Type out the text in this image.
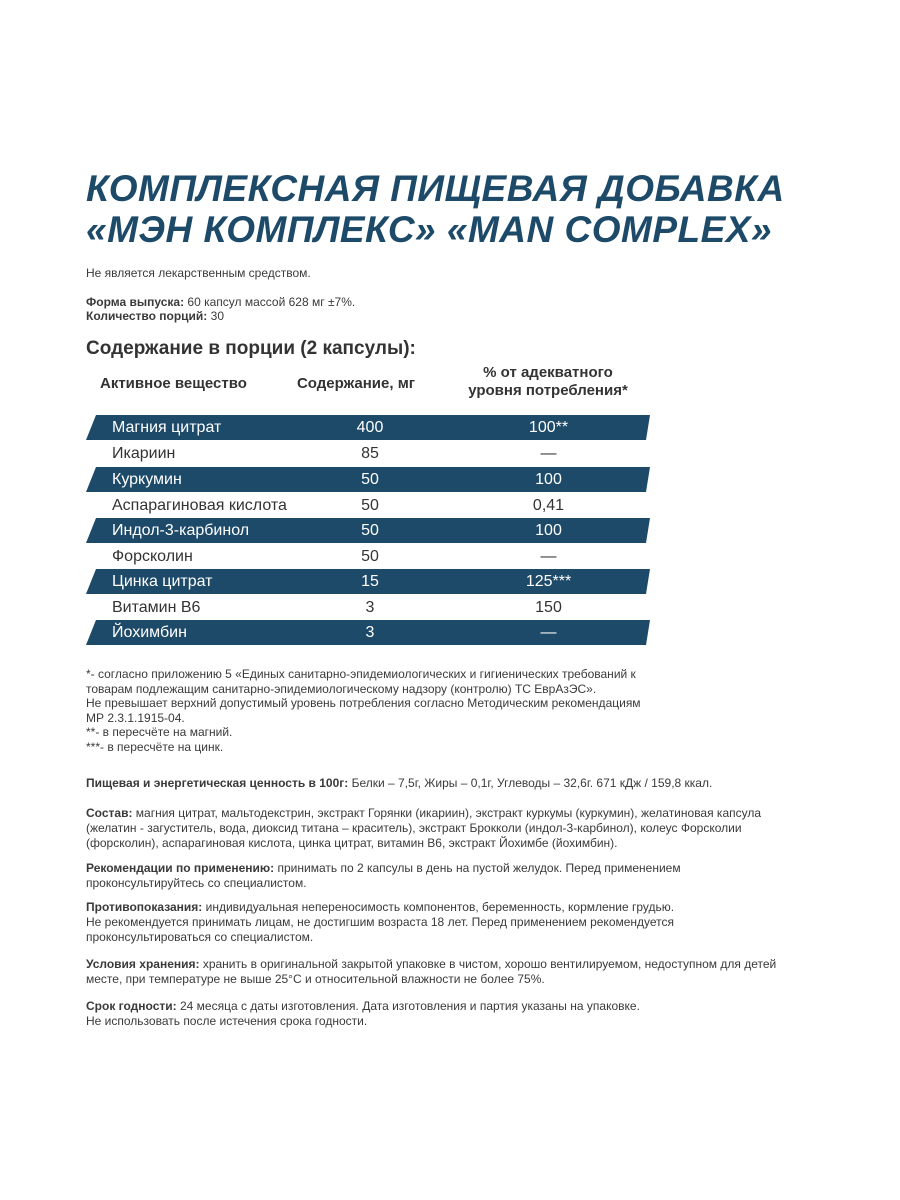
КОМПЛЕКСНАЯ ПИЩЕВАЯ ДОБАВКА
«МЭН КОМПЛЕКС» «MAN COMPLEX»
Не является лекарственным средством.
Форма выпуска: 60 капсул массой 628 мг ±7%.
Количество порций: 30
Содержание в порции (2 капсулы):
Активное вещество	Содержание, мг
% от адекватного
уровня потребления*
Магния цитрат	400	100**
Икариин	85	—
Куркумин	50	100
Аспарагиновая кислота	50	0,41
Индол-3-карбинол	50	100
Форсколин	50	—
Цинка цитрат	15	125***
Витамин В6	3	150
Йохимбин	3	—
*- согласно приложению 5 «Единых санитарно-эпидемиологических и гигиенических требований к
товарам подлежащим санитарно-эпидемиологическому надзору (контролю) ТС ЕврАзЭС».
Не превышает верхний допустимый уровень потребления согласно Методическим рекомендациям
МР 2.3.1.1915-04.
**- в пересчёте на магний.
***- в пересчёте на цинк.
Пищевая и энергетическая ценность в 100г: Белки – 7,5г, Жиры – 0,1г, Углеводы – 32,6г. 671 кДж / 159,8 ккал.
Состав: магния цитрат, мальтодекстрин, экстракт Горянки (икариин), экстракт куркумы (куркумин), желатиновая капсула
(желатин - загуститель, вода, диоксид титана – краситель), экстракт Брокколи (индол-3-карбинол), колеус Форсколии
(форсколин), аспарагиновая кислота, цинка цитрат, витамин В6, экстракт Йохимбе (йохимбин).
Рекомендации по применению: принимать по 2 капсулы в день на пустой желудок. Перед применением
проконсультируйтесь со специалистом.
Противопоказания: индивидуальная непереносимость компонентов, беременность, кормление грудью.
Не рекомендуется принимать лицам, не достигшим возраста 18 лет. Перед применением рекомендуется
проконсультироваться со специалистом.
Условия хранения: хранить в оригинальной закрытой упаковке в чистом, хорошо вентилируемом, недоступном для детей
месте, при температуре не выше 25°С и относительной влажности не более 75%.
Срок годности: 24 месяца с даты изготовления. Дата изготовления и партия указаны на упаковке.
Не использовать после истечения срока годности.
